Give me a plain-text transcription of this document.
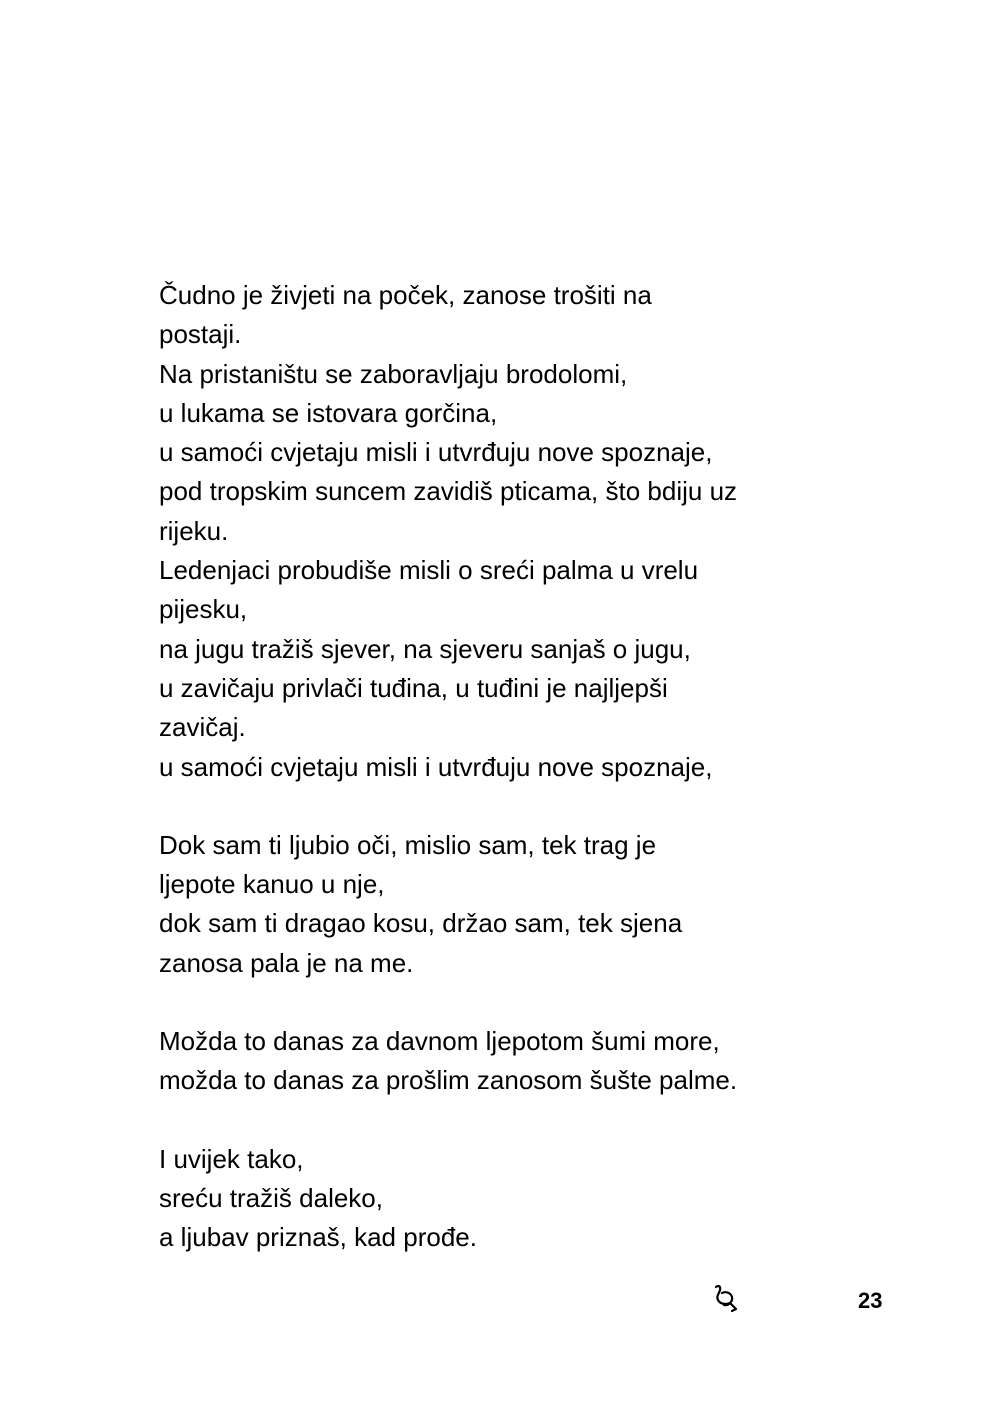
Čudno je živjeti na poček, zanose trošiti na
postaji.
Na pristaništu se zaboravljaju brodolomi,
u lukama se istovara gorčina,
u samoći cvjetaju misli i utvrđuju nove spoznaje,
pod tropskim suncem zavidiš pticama, što bdiju uz
rijeku.
Ledenjaci probudiše misli o sreći palma u vrelu
pijesku,
na jugu tražiš sjever, na sjeveru sanjaš o jugu,
u zavičaju privlači tuđina, u tuđini je najljepši
zavičaj.
u samoći cvjetaju misli i utvrđuju nove spoznaje,
Dok sam ti ljubio oči, mislio sam, tek trag je
ljepote kanuo u nje,
dok sam ti dragao kosu, držao sam, tek sjena
zanosa pala je na me.
Možda to danas za davnom ljepotom šumi more,
možda to danas za prošlim zanosom šušte palme.
I uvijek tako,
sreću tražiš daleko,
a ljubav priznaš, kad prođe.
23
